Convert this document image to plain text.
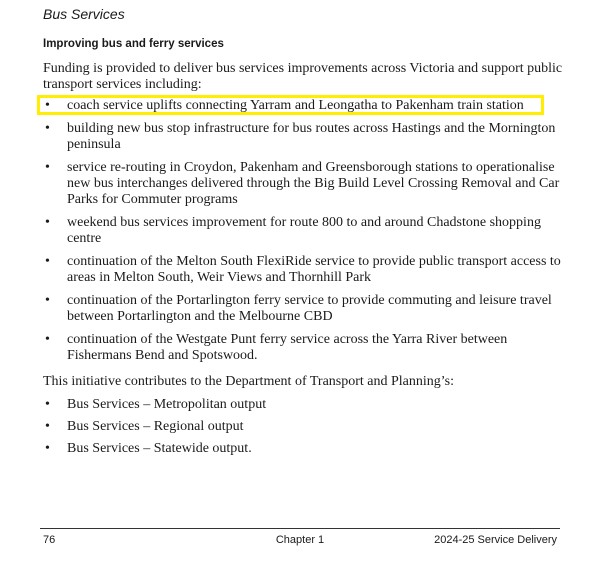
Bus Services

Improving bus and ferry services

Funding is provided to deliver bus services improvements across Victoria and support public transport services including:

• coach service uplifts connecting Yarram and Leongatha to Pakenham train station
• building new bus stop infrastructure for bus routes across Hastings and the Mornington peninsula
• service re-routing in Croydon, Pakenham and Greensborough stations to operationalise new bus interchanges delivered through the Big Build Level Crossing Removal and Car Parks for Commuter programs
• weekend bus services improvement for route 800 to and around Chadstone shopping centre
• continuation of the Melton South FlexiRide service to provide public transport access to areas in Melton South, Weir Views and Thornhill Park
• continuation of the Portarlington ferry service to provide commuting and leisure travel between Portarlington and the Melbourne CBD
• continuation of the Westgate Punt ferry service across the Yarra River between Fishermans Bend and Spotswood.

This initiative contributes to the Department of Transport and Planning’s:

• Bus Services – Metropolitan output
• Bus Services – Regional output
• Bus Services – Statewide output.
76	Chapter 1	2024-25 Service Delivery
